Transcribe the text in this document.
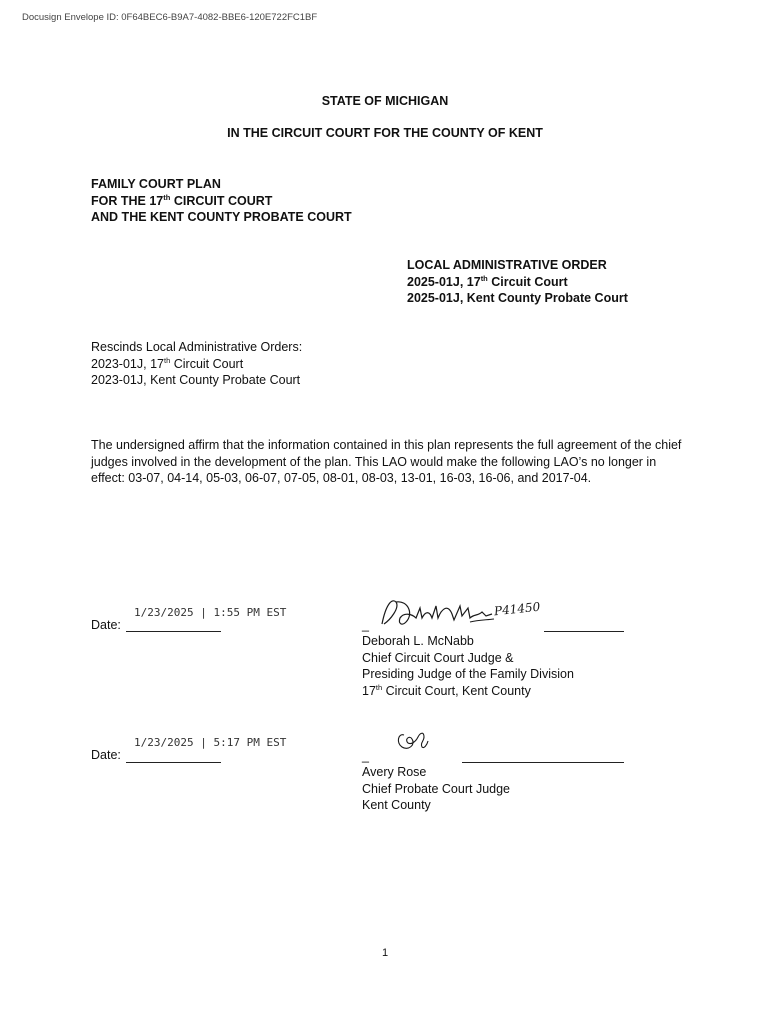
Docusign Envelope ID: 0F64BEC6-B9A7-4082-BBE6-120E722FC1BF
STATE OF MICHIGAN
IN THE CIRCUIT COURT FOR THE COUNTY OF KENT
FAMILY COURT PLAN
FOR THE 17th CIRCUIT COURT
AND THE KENT COUNTY PROBATE COURT
LOCAL ADMINISTRATIVE ORDER
2025-01J, 17th Circuit Court
2025-01J, Kent County Probate Court
Rescinds Local Administrative Orders:
2023-01J, 17th Circuit Court
2023-01J, Kent County Probate Court
The undersigned affirm that the information contained in this plan represents the full agreement of the chief judges involved in the development of the plan. This LAO would make the following LAO’s no longer in effect: 03-07, 04-14, 05-03, 06-07, 07-05, 08-01, 08-03, 13-01, 16-03, 16-06, and 2017-04.
1/23/2025 | 1:55 PM EST
Date:	_
P41450
Deborah L. McNabb
Chief Circuit Court Judge &
Presiding Judge of the Family Division
17th Circuit Court, Kent County
1/23/2025 | 5:17 PM EST
Date:	_
Avery Rose
Chief Probate Court Judge
Kent County
1
